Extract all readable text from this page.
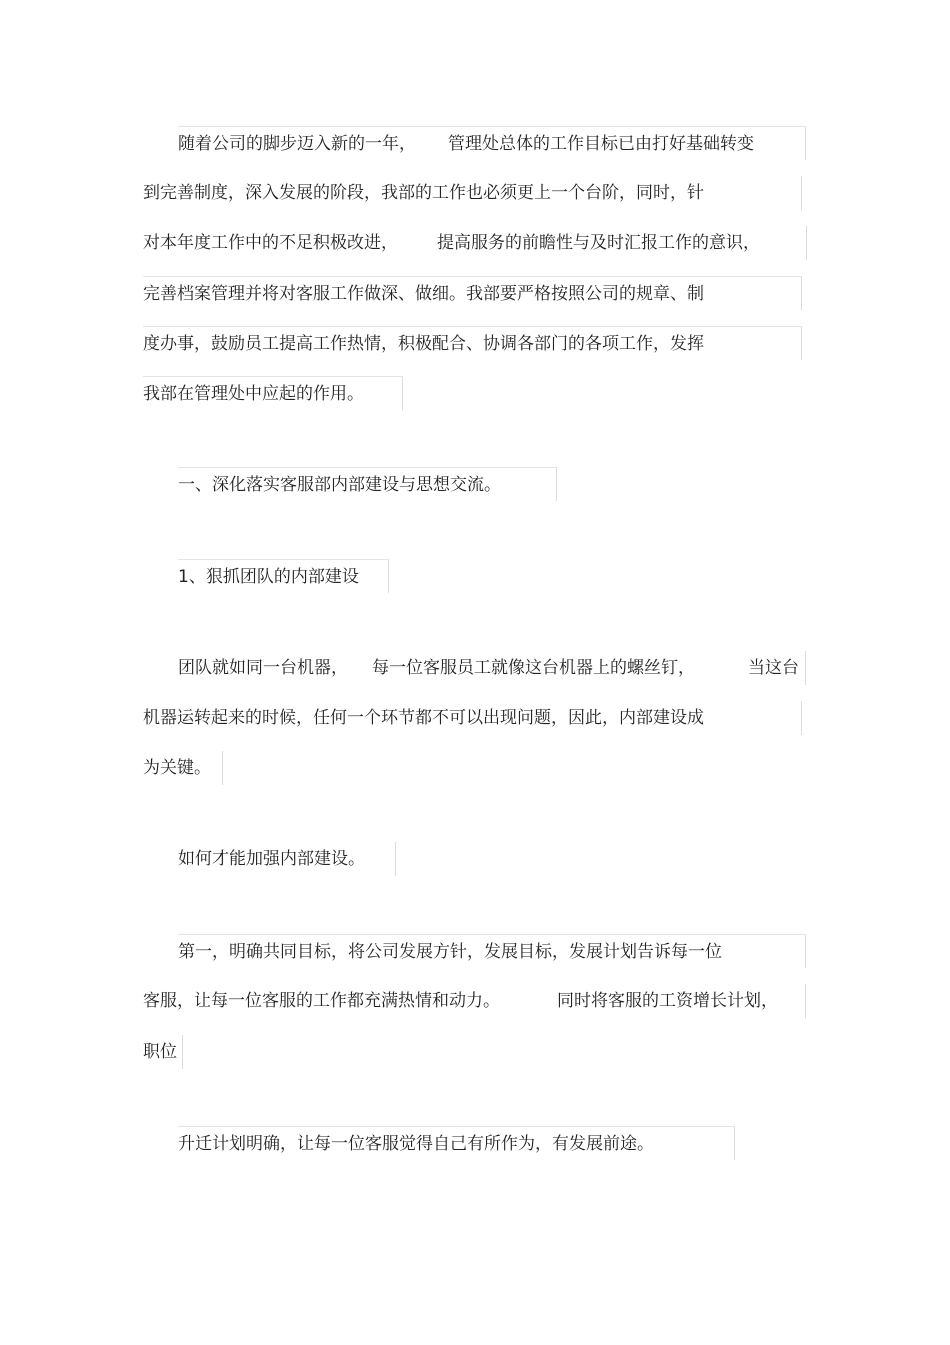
随着公司的脚步迈入新的一年，

管理处总体的工作目标已由打好基础转变

到完善制度，深入发展的阶段，我部的工作也必须更上一个台阶，同时，针

对本年度工作中的不足积极改进，

提高服务的前瞻性与及时汇报工作的意识，

完善档案管理并将对客服工作做深、做细。我部要严格按照公司的规章、制
度办事，鼓励员工提高工作热情，积极配合、协调各部门的各项工作，发挥
我部在管理处中应起的作用。
一、深化落实客服部内部建设与思想交流。
1、狠抓团队的内部建设

团队就如同一台机器，

每一位客服员工就像这台机器上的螺丝钉，

	当这台

机器运转起来的时候，任何一个环节都不可以出现问题，因此，内部建设成
为关键。
如何才能加强内部建设。
第一，明确共同目标，将公司发展方针，发展目标，发展计划告诉每一位

客服，让每一位客服的工作都充满热情和动力。

	同时将客服的工资增长计划，

职位
升迁计划明确，让每一位客服觉得自己有所作为，有发展前途。
